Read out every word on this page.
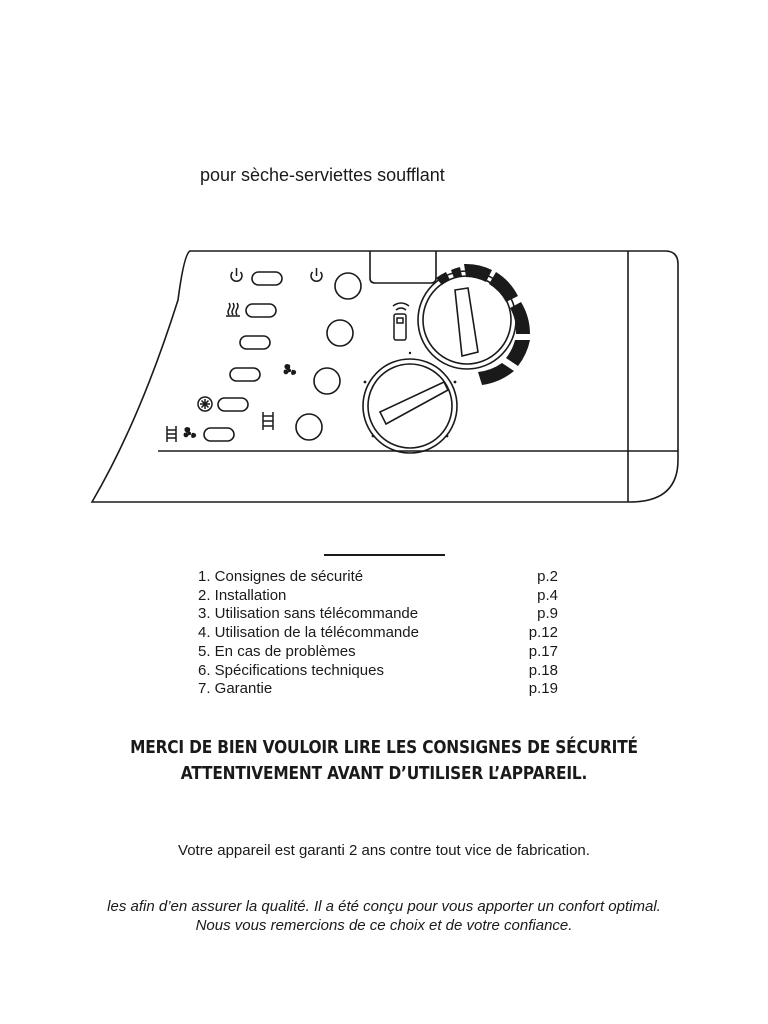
pour sèche-serviettes soufflant
1. Consignes de sécurité	p.2
2. Installation	p.4
3. Utilisation sans télécommande	p.9
4. Utilisation de la télécommande	p.12
5. En cas de problèmes	p.17
6. Spécifications techniques	p.18
7. Garantie	p.19
MERCI DE BIEN VOULOIR LIRE LES CONSIGNES DE SÉCURITÉ
ATTENTIVEMENT AVANT D’UTILISER L’APPAREIL.
Votre appareil est garanti 2 ans contre tout vice de fabrication.
les afin d’en assurer la qualité. Il a été conçu pour vous apporter un confort optimal.
Nous vous remercions de ce choix et de votre confiance.
